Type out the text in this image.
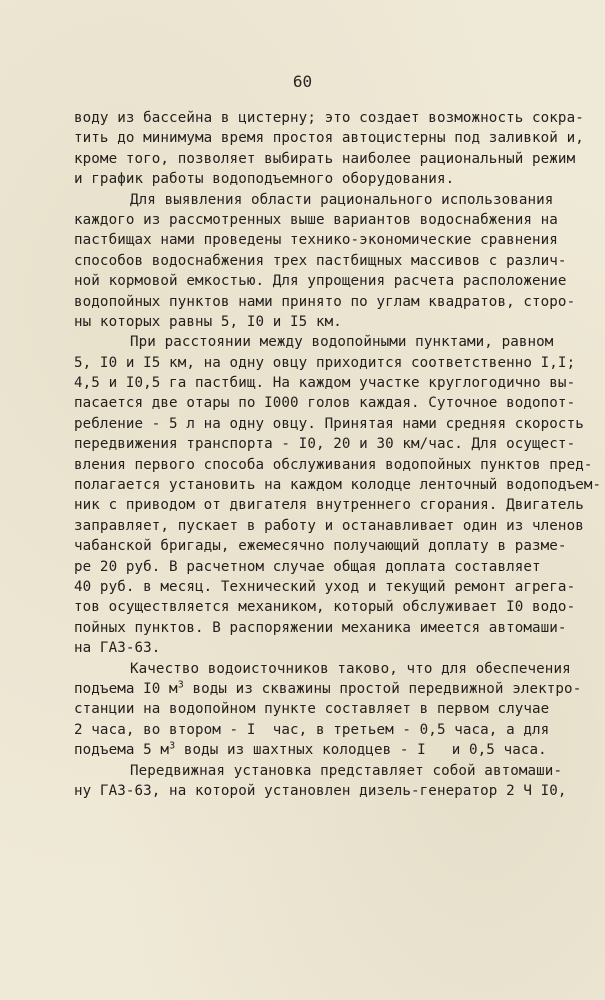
60
воду из бассейна в цистерну; это создает возможность сокра-
тить до минимума время простоя автоцистерны под заливкой и,
кроме того, позволяет выбирать наиболее рациональный режим
и график работы водоподъемного оборудования.
Для выявления области рационального использования
каждого из рассмотренных выше вариантов водоснабжения на
пастбищах нами проведены технико-экономические сравнения
способов водоснабжения трех пастбищных массивов с различ-
ной кормовой емкостью. Для упрощения расчета расположение
водопойных пунктов нами принято по углам квадратов, сторо-
ны которых равны 5, I0 и I5 км.
При расстоянии между водопойными пунктами, равном
5, I0 и I5 км, на одну овцу приходится соответственно I,I;
4,5 и I0,5 га пастбищ. На каждом участке круглогодично вы-
пасается две отары по I000 голов каждая. Суточное водопот-
ребление - 5 л на одну овцу. Принятая нами средняя скорость
передвижения транспорта - I0, 20 и 30 км/час. Для осущест-
вления первого способа обслуживания водопойных пунктов пред-
полагается установить на каждом колодце ленточный водоподъем-
ник с приводом от двигателя внутреннего сгорания. Двигатель
заправляет, пускает в работу и останавливает один из членов
чабанской бригады, ежемесячно получающий доплату в разме-
ре 20 руб. В расчетном случае общая доплата составляет
40 руб. в месяц. Технический уход и текущий ремонт агрега-
тов осуществляется механиком, который обслуживает I0 водо-
пойных пунктов. В распоряжении механика имеется автомаши-
на ГАЗ-63.
Качество водоисточников таково, что для обеспечения
подъема I0 $м^3$ воды из скважины простой передвижной электро-
станции на водопойном пункте составляет в первом случае
2 часа, во втором - I  час, в третьем - 0,5 часа, а для
подъема 5 $м^3$ воды из шахтных колодцев - I   и 0,5 часа.
Передвижная установка представляет собой автомаши-
ну ГАЗ-63, на которой установлен дизель-генератор 2 Ч I0,
